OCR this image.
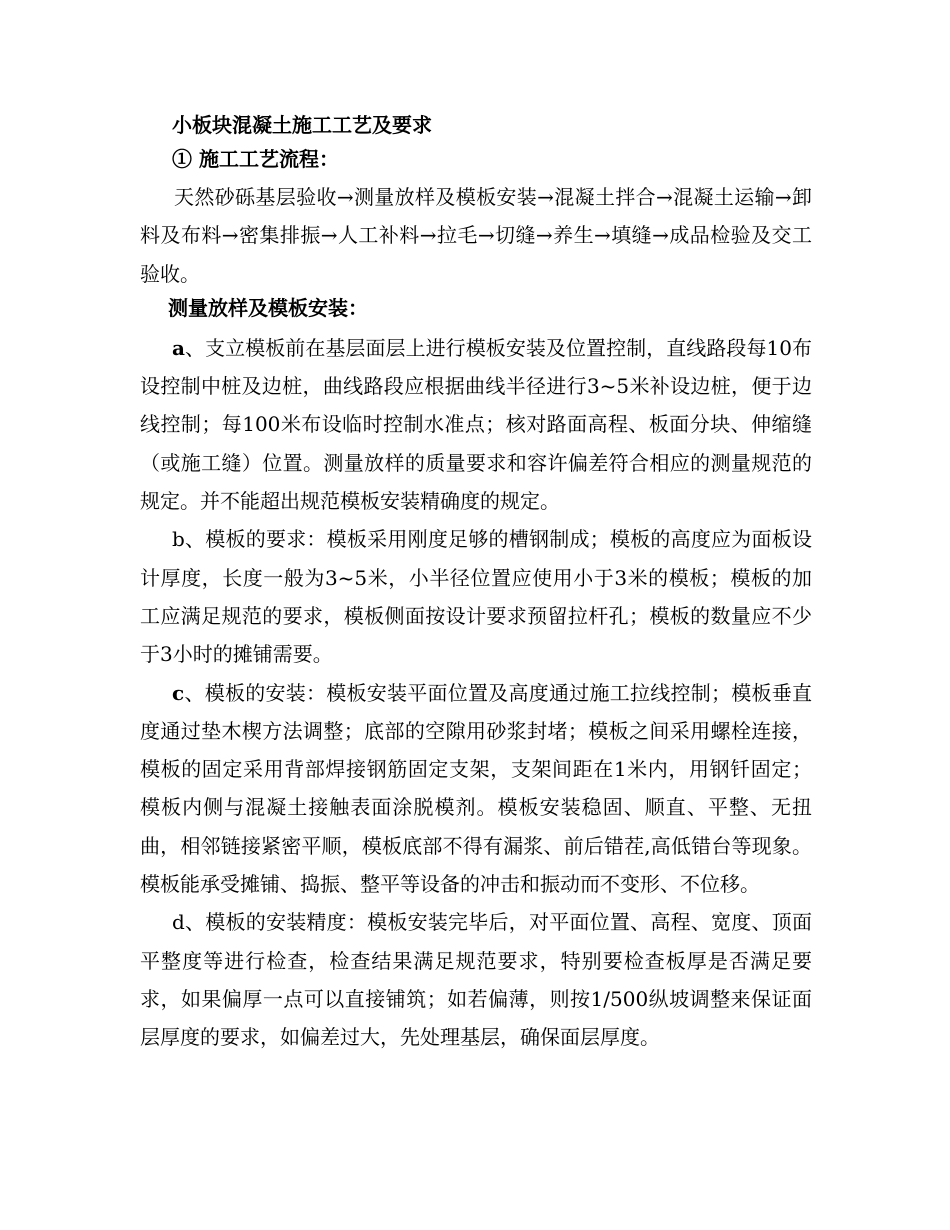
小板块混凝土施工工艺及要求
① 施工工艺流程：

天然砂砾基层验收→测量放样及模板安装→混凝土拌合→混凝土运输→卸料及布料→密集排振→人工补料→拉毛→切缝→养生→填缝→成品检验及交工验收。

测量放样及模板安装：

a、支立模板前在基层面层上进行模板安装及位置控制，直线路段每10布设控制中桩及边桩，曲线路段应根据曲线半径进行3~5米补设边桩，便于边线控制；每100米布设临时控制水准点；核对路面高程、板面分块、伸缩缝（或施工缝）位置。测量放样的质量要求和容许偏差符合相应的测量规范的规定。并不能超出规范模板安装精确度的规定。

b、模板的要求：模板采用刚度足够的槽钢制成；模板的高度应为面板设计厚度，长度一般为3~5米，小半径位置应使用小于3米的模板；模板的加工应满足规范的要求，模板侧面按设计要求预留拉杆孔；模板的数量应不少于3小时的摊铺需要。

c、模板的安装：模板安装平面位置及高度通过施工拉线控制；模板垂直度通过垫木楔方法调整；底部的空隙用砂浆封堵；模板之间采用螺栓连接，模板的固定采用背部焊接钢筋固定支架，支架间距在1米内，用钢钎固定；模板内侧与混凝土接触表面涂脱模剂。模板安装稳固、顺直、平整、无扭曲，相邻链接紧密平顺，模板底部不得有漏浆、前后错茬,高低错台等现象。模板能承受摊铺、捣振、整平等设备的冲击和振动而不变形、不位移。

d、模板的安装精度：模板安装完毕后，对平面位置、高程、宽度、顶面平整度等进行检查，检查结果满足规范要求，特别要检查板厚是否满足要求，如果偏厚一点可以直接铺筑；如若偏薄，则按1/500纵坡调整来保证面层厚度的要求，如偏差过大，先处理基层，确保面层厚度。
